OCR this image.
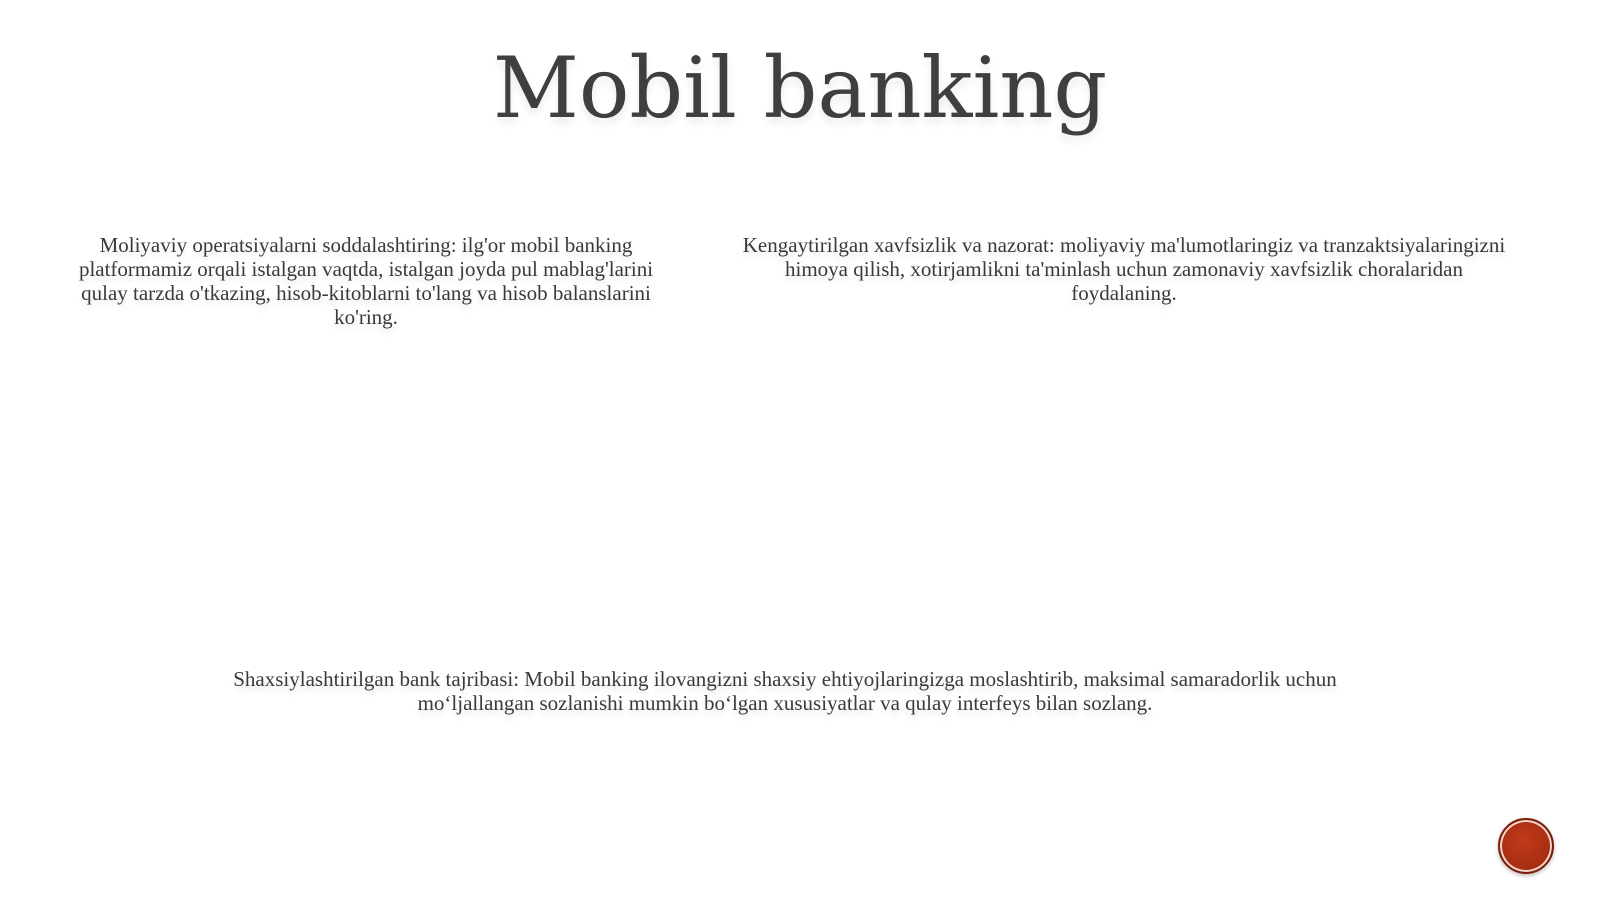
Mobil banking
Moliyaviy operatsiyalarni soddalashtiring: ilg'or mobil banking platformamiz orqali istalgan vaqtda, istalgan joyda pul mablag'larini qulay tarzda o'tkazing, hisob-kitoblarni to'lang va hisob balanslarini ko'ring.
Kengaytirilgan xavfsizlik va nazorat: moliyaviy ma'lumotlaringiz va tranzaktsiyalaringizni himoya qilish, xotirjamlikni ta'minlash uchun zamonaviy xavfsizlik choralaridan foydalaning.
Shaxsiylashtirilgan bank tajribasi: Mobil banking ilovangizni shaxsiy ehtiyojlaringizga moslashtirib, maksimal samaradorlik uchun mo‘ljallangan sozlanishi mumkin bo‘lgan xususiyatlar va qulay interfeys bilan sozlang.
